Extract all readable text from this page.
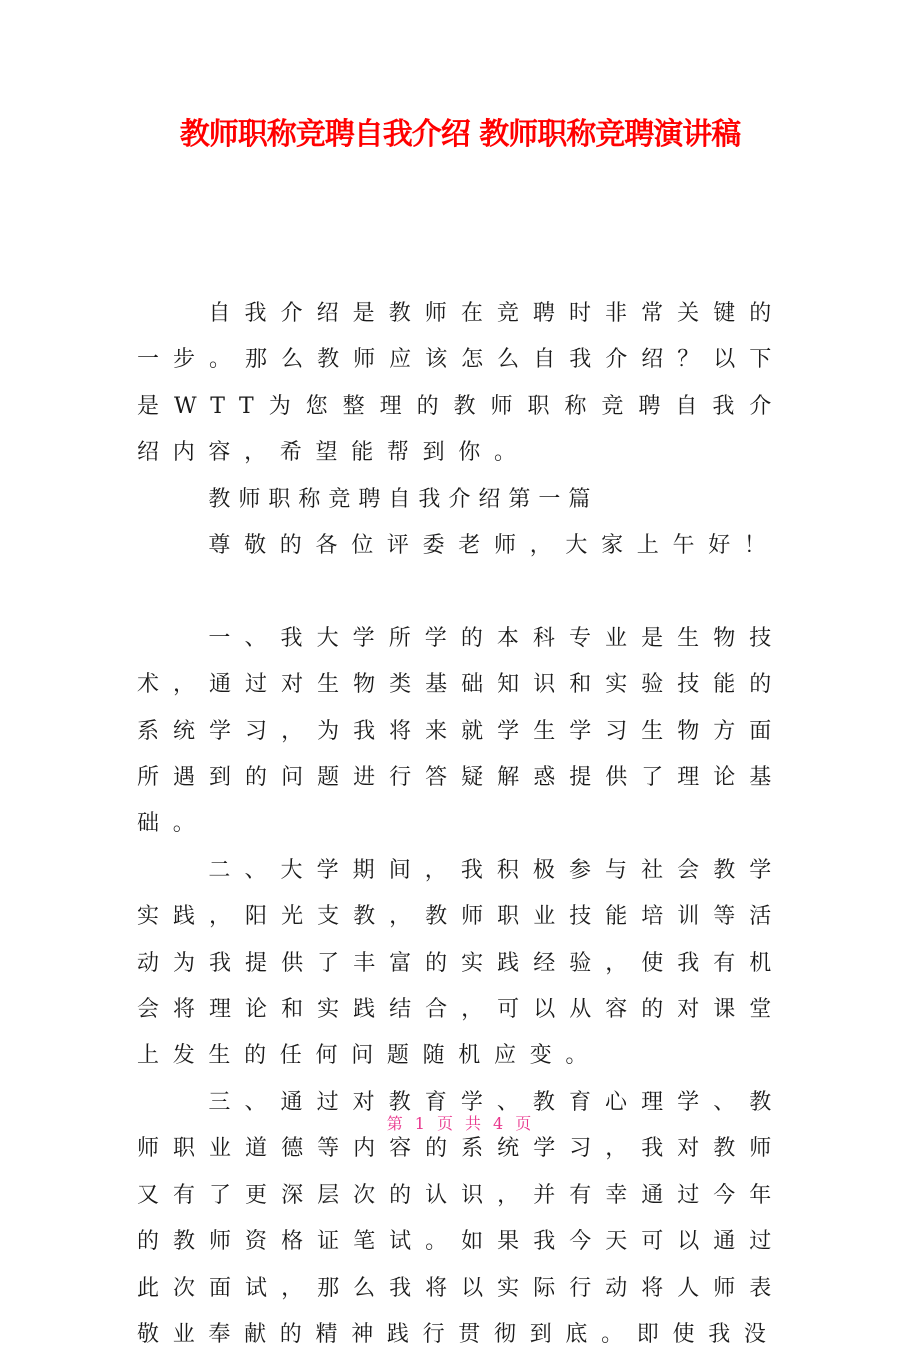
教师职称竞聘自我介绍 教师职称竞聘演讲稿

自我介绍是教师在竞聘时非常关键的一步。那么教师应该怎么自我介绍？以下是WTT为您整理的教师职称竞聘自我介绍内容，希望能帮到你。

教师职称竞聘自我介绍第一篇

尊敬的各位评委老师，大家上午好！

一、我大学所学的本科专业是生物技术，通过对生物类基础知识和实验技能的系统学习，为我将来就学生学习生物方面所遇到的问题进行答疑解惑提供了理论基础。

二、大学期间，我积极参与社会教学实践，阳光支教，教师职业技能培训等活动为我提供了丰富的实践经验，使我有机会将理论和实践结合，可以从容的对课堂上发生的任何问题随机应变。

三、通过对教育学、教育心理学、教师职业道德等内容的系统学习，我对教师又有了更深层次的认识，并有幸通过今年的教师资格证笔试。如果我今天可以通过此次面试，那么我将以实际行动将人师表敬业奉献的精神践行贯彻到底。即使我没

第 1 页 共 4 页
